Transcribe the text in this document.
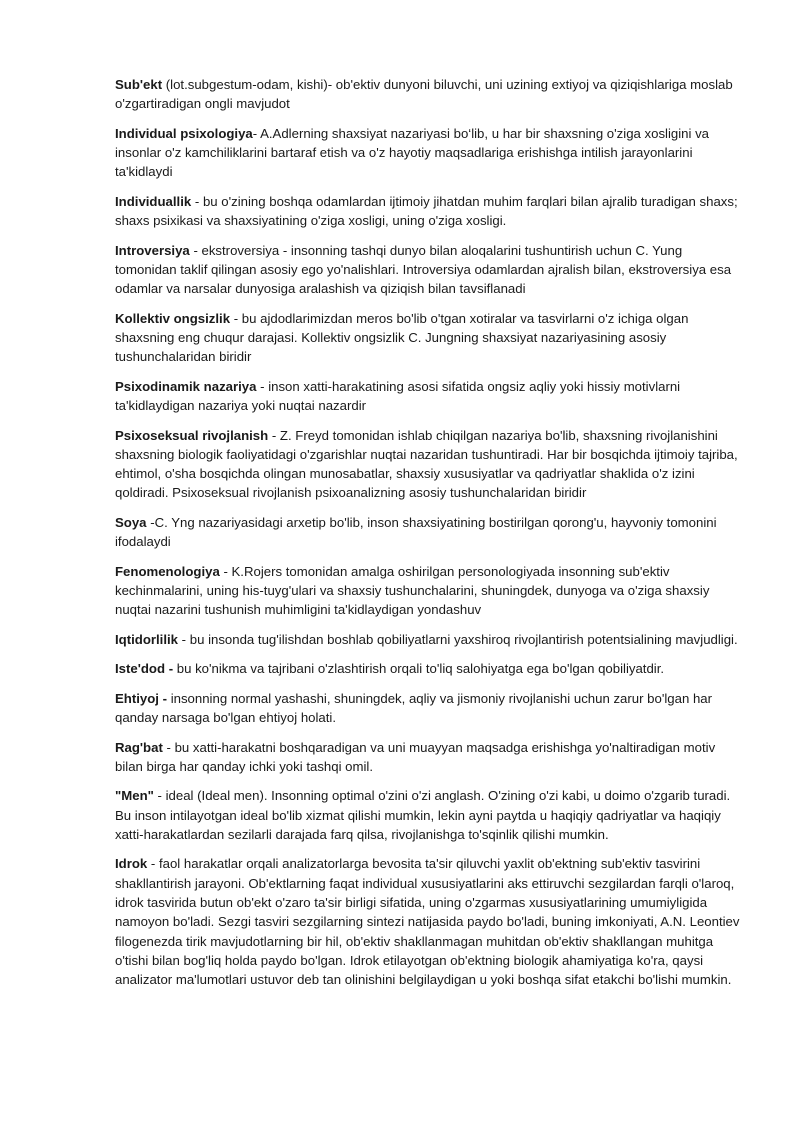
Sub'ekt (lot.subgestum-odam, kishi)- ob'ektiv dunyoni biluvchi, uni uzining extiyoj va qiziqishlariga moslab o'zgartiradigan ongli mavjudot

Individual psixologiya- A.Adlerning shaxsiyat nazariyasi bo‘lib, u har bir shaxsning o'ziga xosligini va insonlar o'z kamchiliklarini bartaraf etish va o'z hayotiy maqsadlariga erishishga intilish jarayonlarini ta'kidlaydi

Individuallik - bu o'zining boshqa odamlardan ijtimoiy jihatdan muhim farqlari bilan ajralib turadigan shaxs; shaxs psixikasi va shaxsiyatining o'ziga xosligi, uning o'ziga xosligi.

Introversiya - ekstroversiya - insonning tashqi dunyo bilan aloqalarini tushuntirish uchun C. Yung tomonidan taklif qilingan asosiy ego yo'nalishlari. Introversiya odamlardan ajralish bilan, ekstroversiya esa odamlar va narsalar dunyosiga aralashish va qiziqish bilan tavsiflanadi

Kollektiv ongsizlik - bu ajdodlarimizdan meros bo'lib o'tgan xotiralar va tasvirlarni o'z ichiga olgan shaxsning eng chuqur darajasi. Kollektiv ongsizlik C. Jungning shaxsiyat nazariyasining asosiy tushunchalaridan biridir

Psixodinamik nazariya - inson xatti-harakatining asosi sifatida ongsiz aqliy yoki hissiy motivlarni ta'kidlaydigan nazariya yoki nuqtai nazardir

Psixoseksual rivojlanish - Z. Freyd tomonidan ishlab chiqilgan nazariya bo'lib, shaxsning rivojlanishini shaxsning biologik faoliyatidagi o'zgarishlar nuqtai nazaridan tushuntiradi. Har bir bosqichda ijtimoiy tajriba, ehtimol, o'sha bosqichda olingan munosabatlar, shaxsiy xususiyatlar va qadriyatlar shaklida o'z izini qoldiradi. Psixoseksual rivojlanish psixoanalizning asosiy tushunchalaridan biridir

Soya -C. Yng nazariyasidagi arxetip bo'lib, inson shaxsiyatining bostirilgan qorong'u, hayvoniy tomonini ifodalaydi

Fenomenologiya - K.Rojers tomonidan amalga oshirilgan personologiyada insonning sub'ektiv kechinmalarini, uning his-tuyg'ulari va shaxsiy tushunchalarini, shuningdek, dunyoga va o'ziga shaxsiy nuqtai nazarini tushunish muhimligini ta'kidlaydigan yondashuv

Iqtidorlilik - bu insonda tug'ilishdan boshlab qobiliyatlarni yaxshiroq rivojlantirish potentsialining mavjudligi.

Iste'dod - bu ko'nikma va tajribani o'zlashtirish orqali to'liq salohiyatga ega bo'lgan qobiliyatdir.

Ehtiyoj - insonning normal yashashi, shuningdek, aqliy va jismoniy rivojlanishi uchun zarur bo'lgan har qanday narsaga bo'lgan ehtiyoj holati.

Rag'bat - bu xatti-harakatni boshqaradigan va uni muayyan maqsadga erishishga yo'naltiradigan motiv bilan birga har qanday ichki yoki tashqi omil.

"Men" - ideal (Ideal men). Insonning optimal o'zini o'zi anglash. O'zining o'zi kabi, u doimo o'zgarib turadi. Bu inson intilayotgan ideal bo'lib xizmat qilishi mumkin, lekin ayni paytda u haqiqiy qadriyatlar va haqiqiy xatti-harakatlardan sezilarli darajada farq qilsa, rivojlanishga to'sqinlik qilishi mumkin.

Idrok - faol harakatlar orqali analizatorlarga bevosita ta'sir qiluvchi yaxlit ob'ektning sub'ektiv tasvirini shakllantirish jarayoni. Ob'ektlarning faqat individual xususiyatlarini aks ettiruvchi sezgilardan farqli o'laroq, idrok tasvirida butun ob'ekt o'zaro ta'sir birligi sifatida, uning o'zgarmas xususiyatlarining umumiyligida namoyon bo'ladi. Sezgi tasviri sezgilarning sintezi natijasida paydo bo'ladi, buning imkoniyati, A.N. Leontiev filogenezda tirik mavjudotlarning bir hil, ob'ektiv shakllanmagan muhitdan ob'ektiv shakllangan muhitga o'tishi bilan bog'liq holda paydo bo'lgan. Idrok etilayotgan ob'ektning biologik ahamiyatiga ko'ra, qaysi analizator ma'lumotlari ustuvor deb tan olinishini belgilaydigan u yoki boshqa sifat etakchi bo'lishi mumkin.
